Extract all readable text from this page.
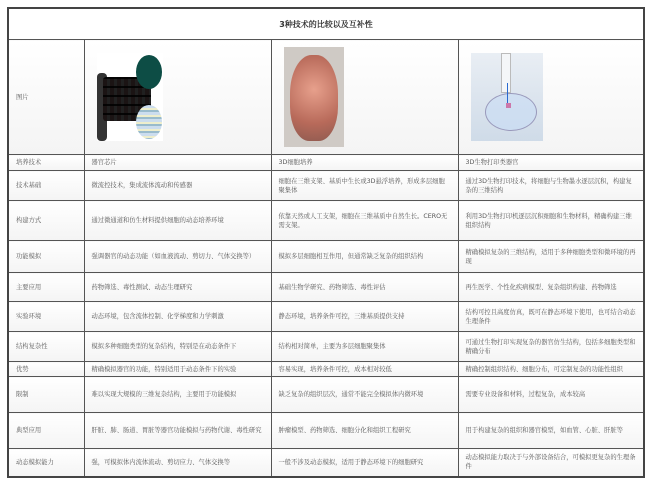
3种技术的比较以及互补性			
图片	

培养技术	器官芯片	3D细胞培养	3D生物打印类器官
技术基础	微流控技术，集成流体流动和传感器	细胞在三维支架、基质中生长或3D悬浮培养，形成多层细胞聚集体	通过3D生物打印技术，将细胞与生物墨水逐层沉积，构建复杂的三维结构
构建方式	通过微通道和仿生材料提供细胞的动态培养环境	依靠天然或人工支架，细胞在三维基质中自然生长。CERO无需支架。	利用3D生物打印机逐层沉积细胞和生物材料，精确构建三维组织结构
功能模拟	强调器官的动态功能（如血液流动、剪切力、气体交换等）	模拟多层细胞相互作用，但通常缺乏复杂的组织结构	精确模拟复杂的三维结构，适用于多种细胞类型和微环境的再现
主要应用	药物筛选、毒性测试、动态生理研究	基础生物学研究、药物筛选、毒性评估	再生医学、个性化疾病模型、复杂组织构建、药物筛选
实验环境	动态环境，包含流体控制、化学梯度和力学刺激	静态环境，培养条件可控，三维基质提供支持	结构可控且高度仿真，既可在静态环境下使用，也可结合动态生理条件
结构复杂性	模拟多种细胞类型的复杂结构，特别是在动态条件下	结构相对简单，主要为多层细胞聚集体	可通过生物打印实现复杂的器官仿生结构，包括多细胞类型和精确分布
优势	精确模拟器官的功能，特别适用于动态条件下的实验	容易实现，培养条件可控，成本相对较低	精确控制组织结构、细胞分布，可定制复杂的功能性组织
限制	难以实现大规模的三维复杂结构，主要用于功能模拟	缺乏复杂的组织层次，通常不能完全模拟体内微环境	需要专业设备和材料，过程复杂，成本较高
典型应用	肝脏、肺、肠道、胃脏等器官功能模拟与药物代谢、毒性研究	肿瘤模型、药物筛选、细胞分化和组织工程研究	用于构建复杂的组织和器官模型，如血管、心脏、肝脏等
动态模拟能力	强，可模拟体内流体流动、剪切应力、气体交换等	一般不涉及动态模拟，适用于静态环境下的细胞研究	动态模拟能力取决于与外部设备结合，可模拟更复杂的生理条件
